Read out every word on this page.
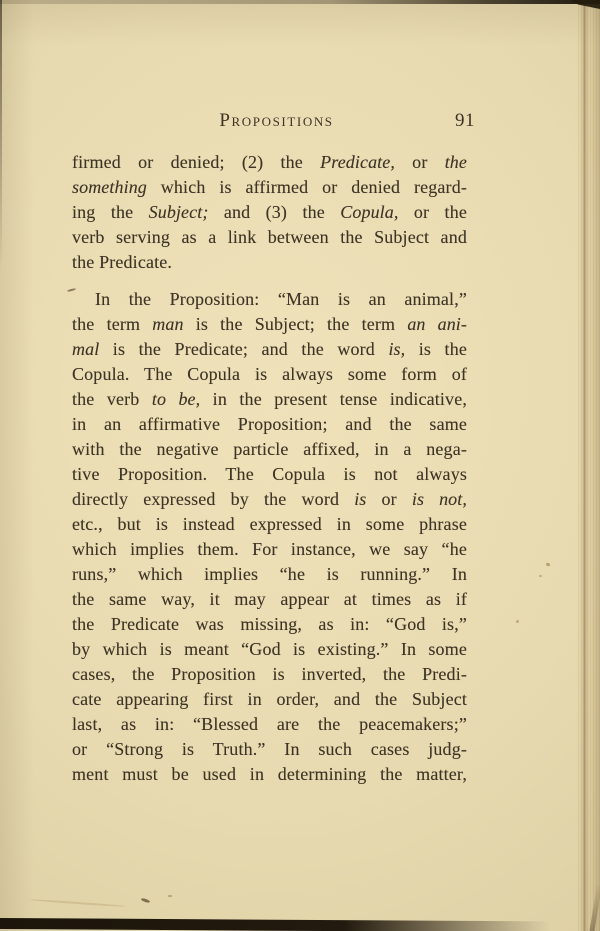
Propositions	91
firmed or denied; (2) the Predicate, or the
something which is affirmed or denied regard-
ing the Subject; and (3) the Copula, or the
verb serving as a link between the Subject and
the Predicate.
In the Proposition: “Man is an animal,”
the term man is the Subject; the term an ani-
mal is the Predicate; and the word is, is the
Copula. The Copula is always some form of
the verb to be, in the present tense indicative,
in an affirmative Proposition; and the same
with the negative particle affixed, in a nega-
tive Proposition. The Copula is not always
directly expressed by the word is or is not,
etc., but is instead expressed in some phrase
which implies them. For instance, we say “he
runs,” which implies “he is running.” In
the same way, it may appear at times as if
the Predicate was missing, as in: “God is,”
by which is meant “God is existing.” In some
cases, the Proposition is inverted, the Predi-
cate appearing first in order, and the Subject
last, as in: “Blessed are the peacemakers;”
or “Strong is Truth.” In such cases judg-
ment must be used in determining the matter,
